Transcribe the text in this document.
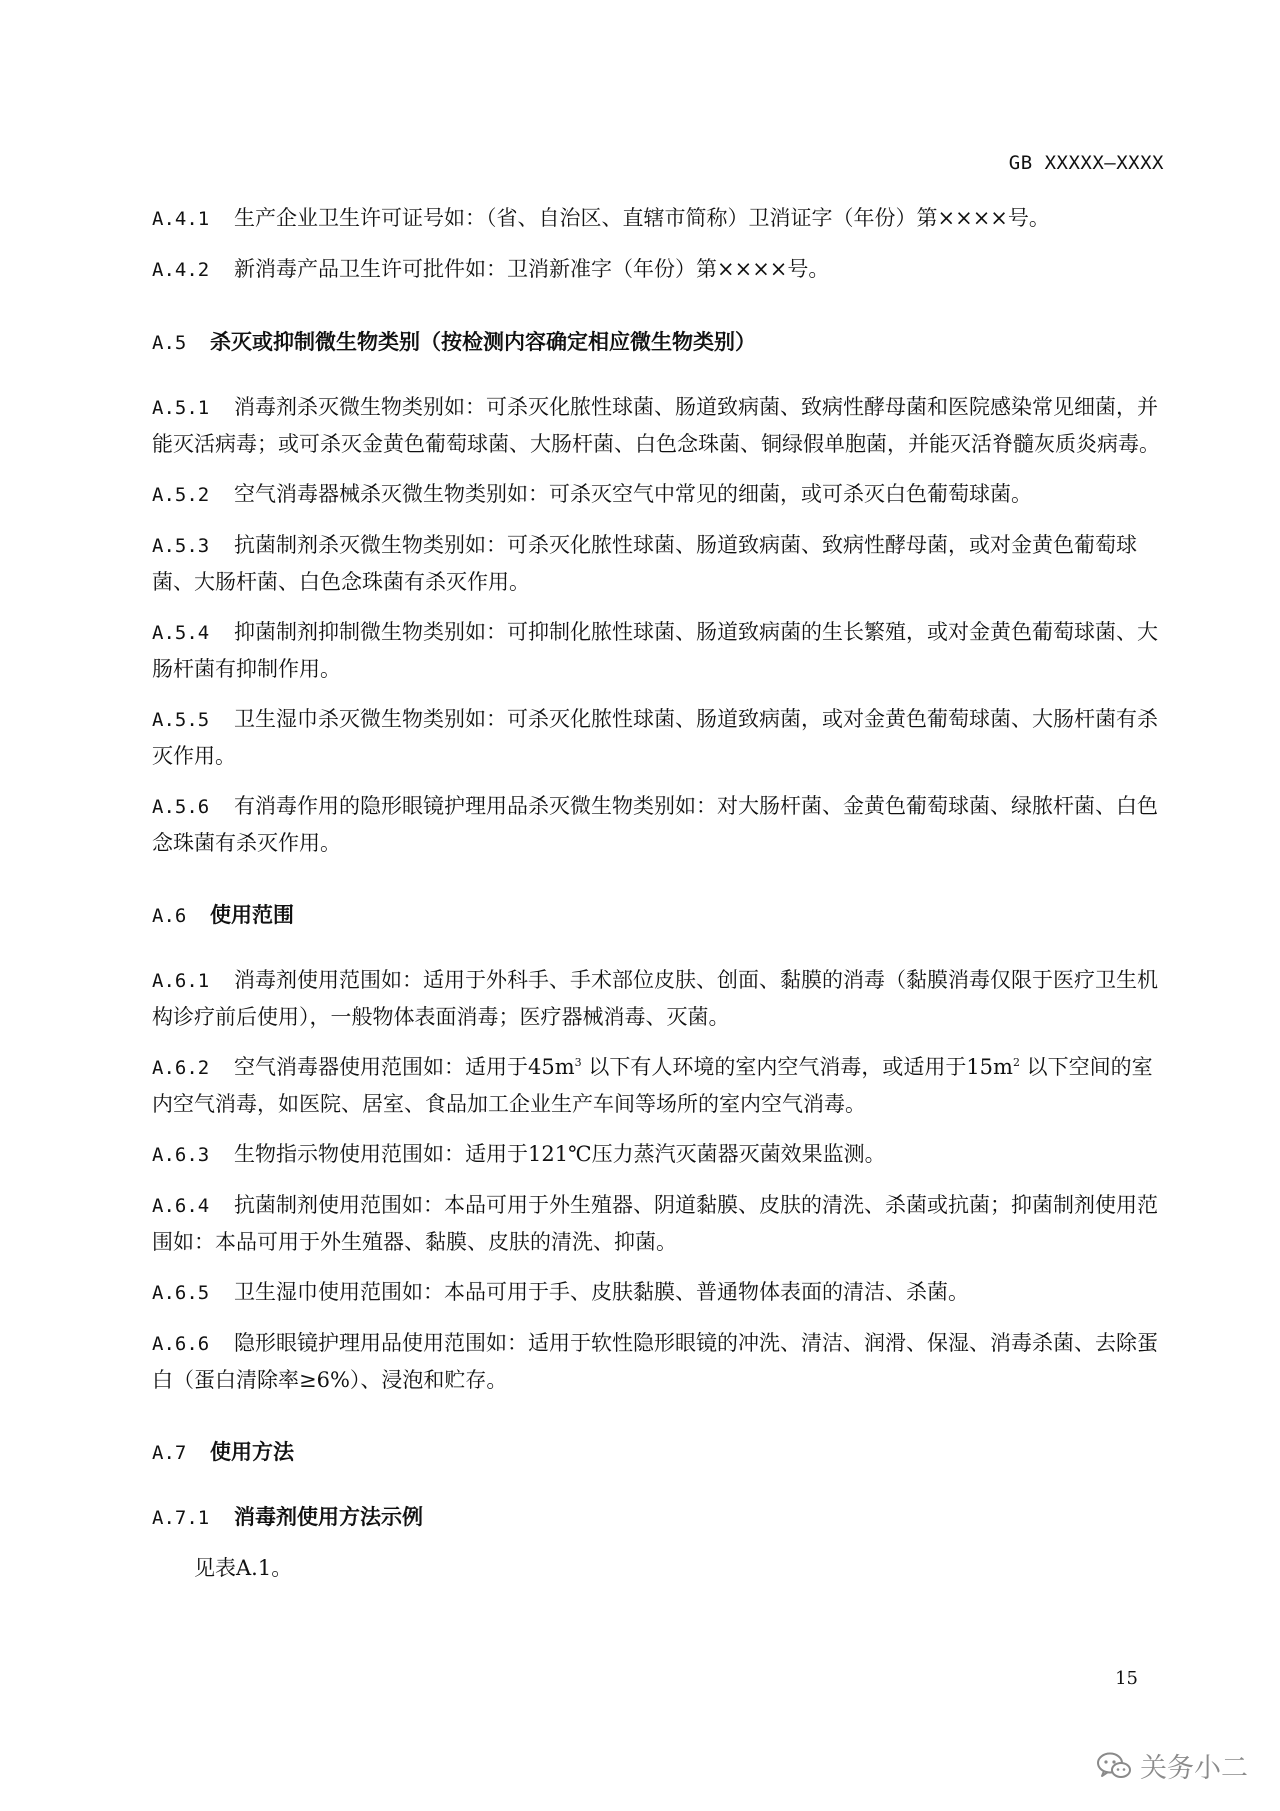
GB XXXXX—XXXX

A.4.1 生产企业卫生许可证号如：（省、自治区、直辖市简称）卫消证字（年份）第××××号。

A.4.2 新消毒产品卫生许可批件如：卫消新准字（年份）第××××号。

A.5 杀灭或抑制微生物类别（按检测内容确定相应微生物类别）

A.5.1 消毒剂杀灭微生物类别如：可杀灭化脓性球菌、肠道致病菌、致病性酵母菌和医院感染常见细菌，并能灭活病毒；或可杀灭金黄色葡萄球菌、大肠杆菌、白色念珠菌、铜绿假单胞菌，并能灭活脊髓灰质炎病毒。

A.5.2 空气消毒器械杀灭微生物类别如：可杀灭空气中常见的细菌，或可杀灭白色葡萄球菌。

A.5.3 抗菌制剂杀灭微生物类别如：可杀灭化脓性球菌、肠道致病菌、致病性酵母菌，或对金黄色葡萄球菌、大肠杆菌、白色念珠菌有杀灭作用。

A.5.4 抑菌制剂抑制微生物类别如：可抑制化脓性球菌、肠道致病菌的生长繁殖，或对金黄色葡萄球菌、大肠杆菌有抑制作用。

A.5.5 卫生湿巾杀灭微生物类别如：可杀灭化脓性球菌、肠道致病菌，或对金黄色葡萄球菌、大肠杆菌有杀灭作用。

A.5.6 有消毒作用的隐形眼镜护理用品杀灭微生物类别如：对大肠杆菌、金黄色葡萄球菌、绿脓杆菌、白色念珠菌有杀灭作用。

A.6 使用范围

A.6.1 消毒剂使用范围如：适用于外科手、手术部位皮肤、创面、黏膜的消毒（黏膜消毒仅限于医疗卫生机构诊疗前后使用），一般物体表面消毒；医疗器械消毒、灭菌。

A.6.2 空气消毒器使用范围如：适用于$45m^3$ 以下有人环境的室内空气消毒，或适用于$15m^2$ 以下空间的室内空气消毒，如医院、居室、食品加工企业生产车间等场所的室内空气消毒。

A.6.3 生物指示物使用范围如：适用于121℃压力蒸汽灭菌器灭菌效果监测。

A.6.4 抗菌制剂使用范围如：本品可用于外生殖器、阴道黏膜、皮肤的清洗、杀菌或抗菌；抑菌制剂使用范围如：本品可用于外生殖器、黏膜、皮肤的清洗、抑菌。

A.6.5 卫生湿巾使用范围如：本品可用于手、皮肤黏膜、普通物体表面的清洁、杀菌。

A.6.6 隐形眼镜护理用品使用范围如：适用于软性隐形眼镜的冲洗、清洁、润滑、保湿、消毒杀菌、去除蛋白（蛋白清除率≥6%）、浸泡和贮存。

A.7 使用方法
A.7.1 消毒剂使用方法示例

见表A.1。

15
关务小二
